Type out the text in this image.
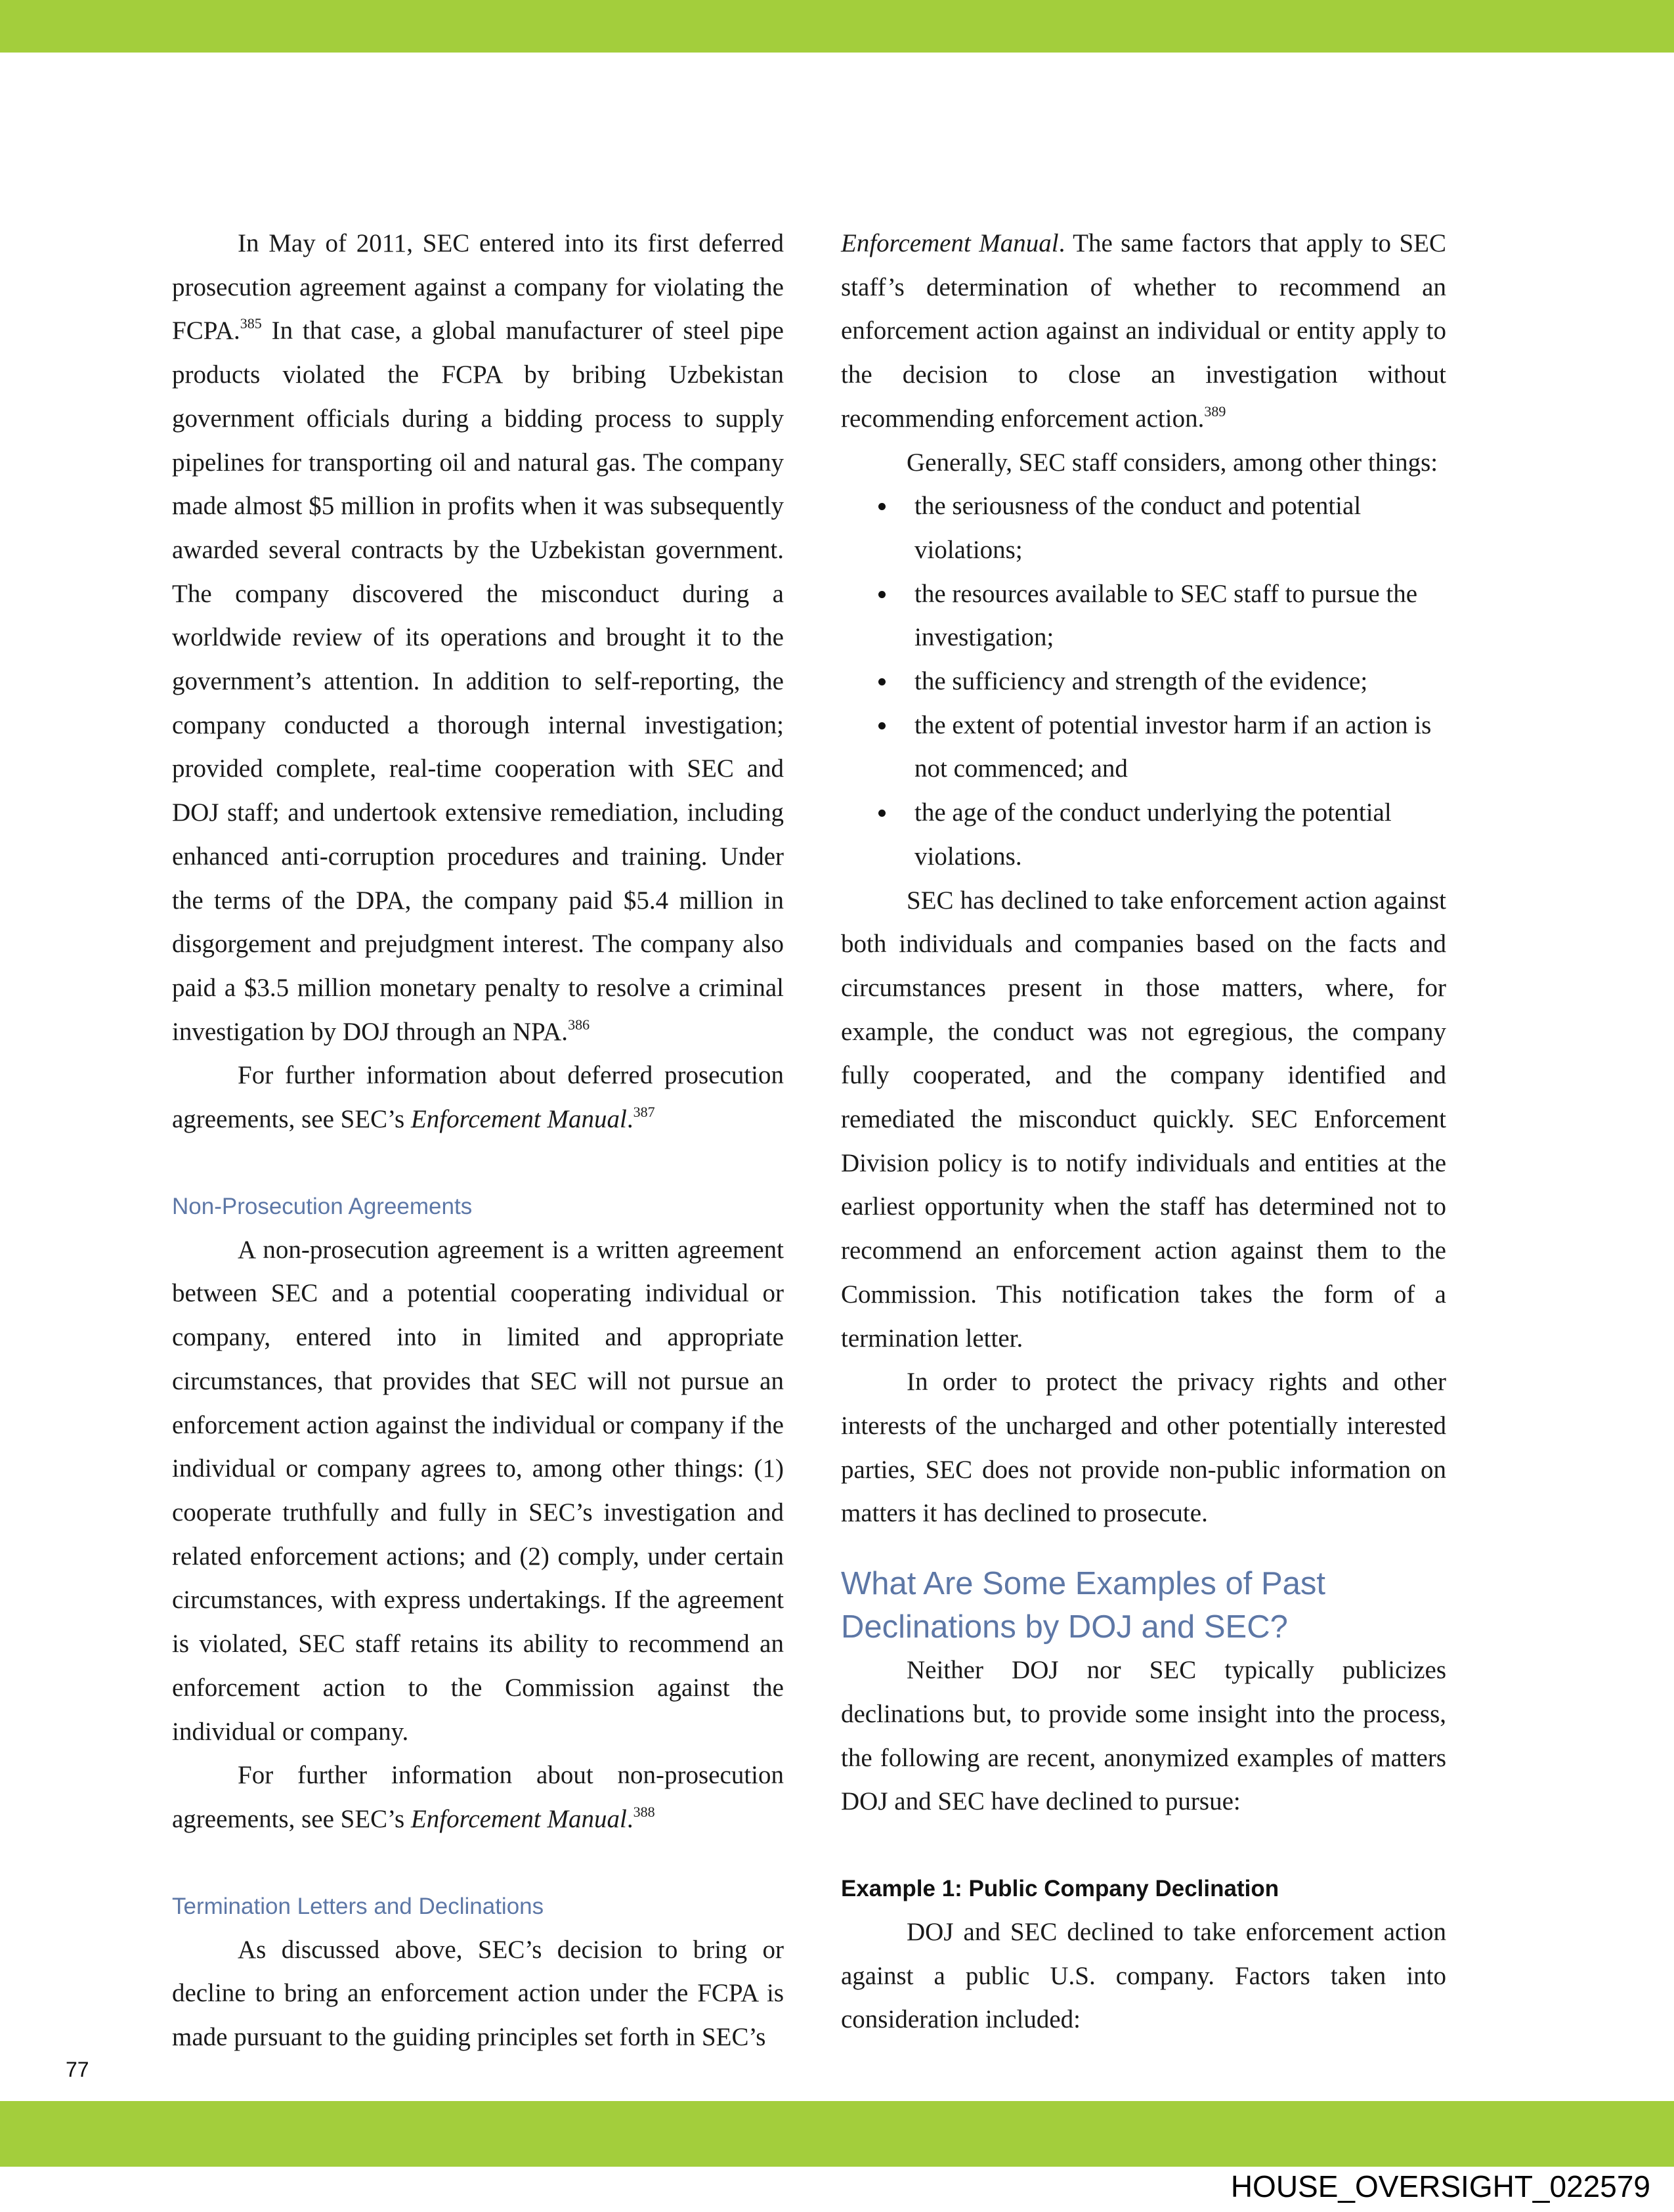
In May of 2011, SEC entered into its first deferred prosecution agreement against a company for violating the FCPA.$^{385}$ In that case, a global manufacturer of steel pipe products violated the FCPA by bribing Uzbekistan government officials during a bidding process to supply pipelines for transporting oil and natural gas. The company made almost $5 million in profits when it was subsequently awarded several contracts by the Uzbekistan government. The company discovered the misconduct during a worldwide review of its operations and brought it to the government’s attention. In addition to self-reporting, the company conducted a thorough internal investigation; provided complete, real-time cooperation with SEC and DOJ staff; and undertook extensive remediation, including enhanced anti-corruption procedures and training. Under the terms of the DPA, the company paid $5.4 million in disgorgement and prejudgment interest. The company also paid a $3.5 million monetary penalty to resolve a criminal investigation by DOJ through an NPA.$^{386}$

For further information about deferred prosecution agreements, see SEC’s Enforcement Manual.$^{387}$

Non-Prosecution Agreements

A non-prosecution agreement is a written agreement between SEC and a potential cooperating individual or company, entered into in limited and appropriate circumstances, that provides that SEC will not pursue an enforcement action against the individual or company if the individual or company agrees to, among other things: (1) cooperate truthfully and fully in SEC’s investigation and related enforcement actions; and (2) comply, under certain circumstances, with express undertakings. If the agreement is violated, SEC staff retains its ability to recommend an enforcement action to the Commission against the individual or company.

For further information about non-prosecution agreements, see SEC’s Enforcement Manual.$^{388}$

Termination Letters and Declinations

As discussed above, SEC’s decision to bring or decline to bring an enforcement action under the FCPA is made pursuant to the guiding principles set forth in SEC’s

Enforcement Manual. The same factors that apply to SEC staff’s determination of whether to recommend an enforcement action against an individual or entity apply to the decision to close an investigation without recommending enforcement action.$^{389}$

Generally, SEC staff considers, among other things:

the seriousness of the conduct and potential violations;
the resources available to SEC staff to pursue the investigation;
the sufficiency and strength of the evidence;
the extent of potential investor harm if an action is not commenced; and
the age of the conduct underlying the potential violations.

SEC has declined to take enforcement action against both individuals and companies based on the facts and circumstances present in those matters, where, for example, the conduct was not egregious, the company fully cooperated, and the company identified and remediated the misconduct quickly. SEC Enforcement Division policy is to notify individuals and entities at the earliest opportunity when the staff has determined not to recommend an enforcement action against them to the Commission. This notification takes the form of a termination letter.

In order to protect the privacy rights and other interests of the uncharged and other potentially interested parties, SEC does not provide non-public information on matters it has declined to prosecute.

What Are Some Examples of Past Declinations by DOJ and SEC?

Neither DOJ nor SEC typically publicizes declinations but, to provide some insight into the process, the following are recent, anonymized examples of matters DOJ and SEC have declined to pursue:

Example 1: Public Company Declination

DOJ and SEC declined to take enforcement action against a public U.S. company. Factors taken into consideration included:

77
HOUSE_OVERSIGHT_022579
